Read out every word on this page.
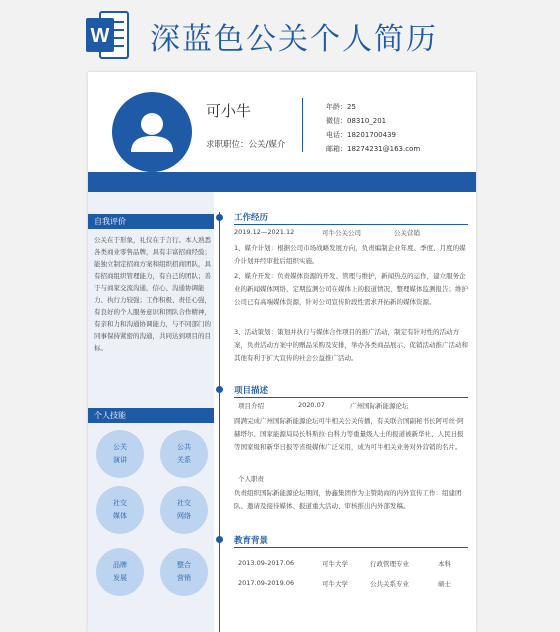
W 深蓝色公关个人简历
可小牛
求职职位：公关/媒介
年龄：25
微信：08310_201
电话：18201700439
邮箱：18274231@163.com
自我评价
公关在于形象，礼仪在于言行。本人熟悉各类商业零售品牌，具有丰富招商经验；能独立制定招商方案和组织招商团队，具有招商组织管理能力，有自己的团队；善于与商家交流沟通，信心、沟通协调能力、执行力较强；工作积极、责任心强，有良好的个人服务意识和团队合作精神，有亲和力和沟通协调能力，与不同部门的同事保持紧密的沟通，共同达到项目的目标。
个人技能
公关
演讲
公共
关系
社交
媒体
社交
网络
品牌
发展
整合
营销
工作经历
2019.12—2021.12	可牛公关公司	公关营销
1、媒介计划：根据公司市场战略发展方向，负责编制企业年度、季度、月度的媒介计划并经审批后组织实施。
2、媒介开发：负责媒体资源的开发、管理与维护，新闻热点的运作，建立服务企业的新闻媒体网络，定期监测公司在媒体上的报道情况，整理媒体监测报告；维护公司已有高端媒体资源，针对公司宣传阶段性需求开拓新的媒体资源。
3、活动策划：策划并执行与媒体合作项目的推广活动，制定有针对性的活动方案，负责活动方案中的赠品采购及安排，举办各类商品展示、促销活动推广活动和其他有利于扩大宣传的社会公益推广活动。
项目描述
项目介绍	2020.07	广州国际新能源论坛
圆满完成广州国际新能源论坛可牛相关公关传播，有关联合国副秘书长阿可丝·阿赫塔尔、国家能源局局长科斯拉·白科力等重量级人士的报道被新华社、人民日报等国家级和新华日报等省级媒体广泛采用，成为可牛相关业务对外营销的名片。
个人职责
负责组织国际新能源论坛期间，协鑫集团作为主赞助商的内外宣传工作：组建团队、邀请及接待媒体、报道重大活动、审核推出内外部发稿。
教育背景
2013.09-2017.06	可牛大学	行政管理专业	本科
2017.09-2019.06	可牛大学	公共关系专业	硕士
